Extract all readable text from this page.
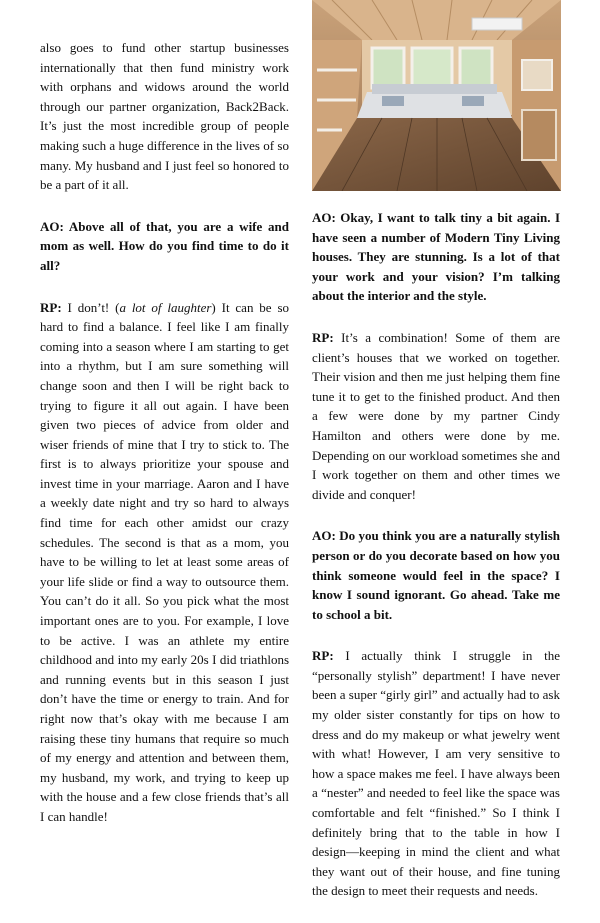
also goes to fund other startup businesses internationally that then fund ministry work with orphans and widows around the world through our partner organization, Back2Back. It’s just the most incredible group of people making such a huge difference in the lives of so many. My husband and I just feel so honored to be a part of it all.

AO: Above all of that, you are a wife and mom as well. How do you find time to do it all?

RP: I don’t! (a lot of laughter) It can be so hard to find a balance. I feel like I am finally coming into a season where I am starting to get into a rhythm, but I am sure something will change soon and then I will be right back to trying to figure it all out again. I have been given two pieces of advice from older and wiser friends of mine that I try to stick to. The first is to always prioritize your spouse and invest time in your marriage. Aaron and I have a weekly date night and try so hard to always find time for each other amidst our crazy schedules. The second is that as a mom, you have to be willing to let at least some areas of your life slide or find a way to outsource them. You can’t do it all. So you pick what the most important ones are to you. For example, I love to be active. I was an athlete my entire childhood and into my early 20s I did triathlons and running events but in this season I just don’t have the time or energy to train. And for right now that’s okay with me because I am raising these tiny humans that require so much of my energy and attention and between them, my husband, my work, and trying to keep up with the house and a few close friends that’s all I can handle!

AO: Okay, I want to talk tiny a bit again. I have seen a number of Modern Tiny Living houses. They are stunning. Is a lot of that your work and your vision? I’m talking about the interior and the style.

RP: It’s a combination! Some of them are client’s houses that we worked on together. Their vision and then me just helping them fine tune it to get to the finished product. And then a few were done by my partner Cindy Hamilton and others were done by me. Depending on our workload sometimes she and I work together on them and other times we divide and conquer!

AO: Do you think you are a naturally stylish person or do you decorate based on how you think someone would feel in the space? I know I sound ignorant. Go ahead. Take me to school a bit.

RP: I actually think I struggle in the “personally stylish” department! I have never been a super “girly girl” and actually had to ask my older sister constantly for tips on how to dress and do my makeup or what jewelry went with what! However, I am very sensitive to how a space makes me feel. I have always been a “nester” and needed to feel like the space was comfortable and felt “finished.” So I think I definitely bring that to the table in how I design—keeping in mind the client and what they want out of their house, and fine tuning the design to meet their requests and needs.
